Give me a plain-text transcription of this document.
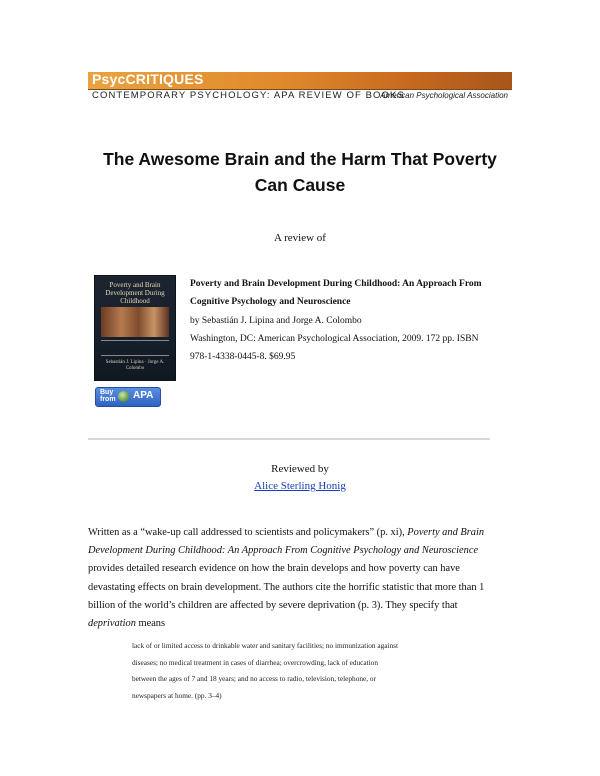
PsycCRITIQUES
CONTEMPORARY PSYCHOLOGY: APA REVIEW OF BOOKS
American Psychological Association
The Awesome Brain and the Harm That Poverty
Can Cause
A review of
Poverty and Brain Development During Childhood
Sebastián J. Lipina · Jorge A. Colombo
Buy
from APA
Poverty and Brain Development During Childhood: An Approach From
Cognitive Psychology and Neuroscience
by Sebastián J. Lipina and Jorge A. Colombo
Washington, DC: American Psychological Association, 2009. 172 pp. ISBN
978-1-4338-0445-8. $69.95
Reviewed by
Alice Sterling Honig
Written as a “wake-up call addressed to scientists and policymakers” (p. xi), Poverty and Brain Development During Childhood: An Approach From Cognitive Psychology and Neuroscience provides detailed research evidence on how the brain develops and how poverty can have devastating effects on brain development. The authors cite the horrific statistic that more than 1 billion of the world’s children are affected by severe deprivation (p. 3). They specify that deprivation means
lack of or limited access to drinkable water and sanitary facilities; no immunization against
diseases; no medical treatment in cases of diarrhea; overcrowding, lack of education
between the ages of 7 and 18 years; and no access to radio, television, telephone, or
newspapers at home. (pp. 3–4)
